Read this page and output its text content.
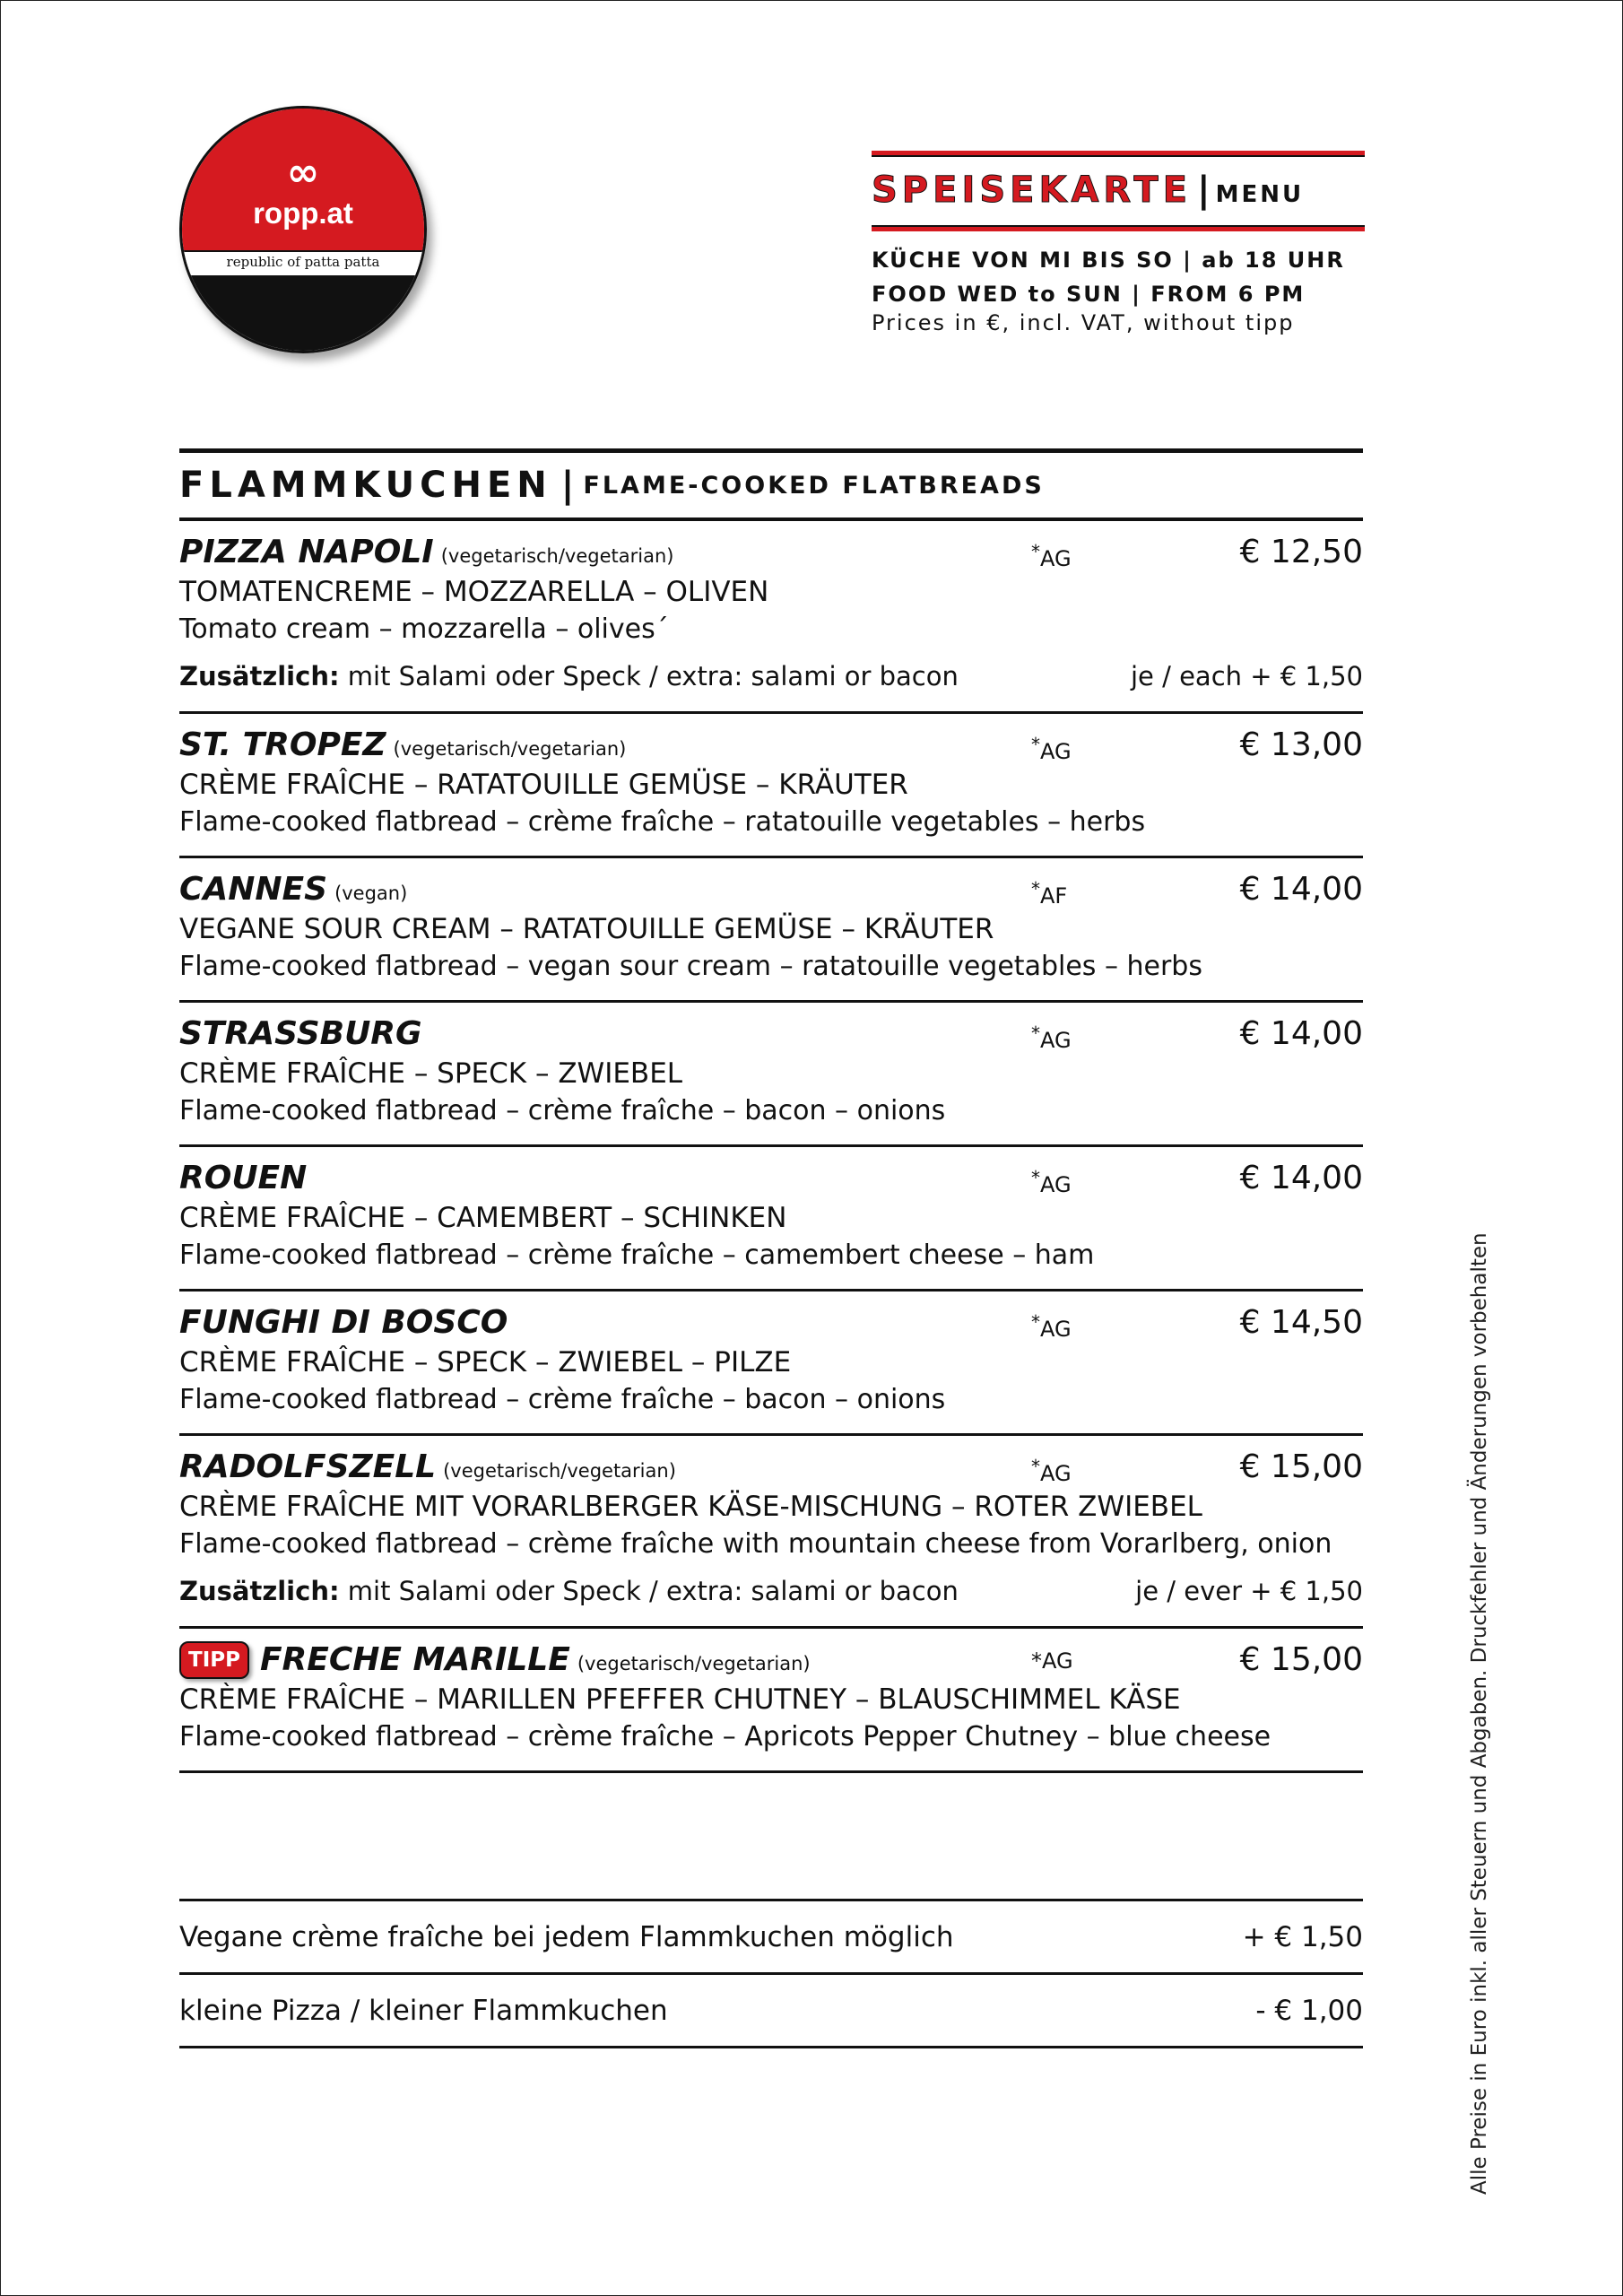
∞
ropp.at
republic of patta patta
SPEISEKARTE | MENU
KÜCHE VON MI BIS SO | ab 18 UHR
FOOD WED to SUN | FROM 6 PM
Prices in €, incl. VAT, without tipp
FLAMMKUCHEN | FLAME-COOKED FLATBREADS
PIZZA NAPOLI (vegetarisch/vegetarian)	*AG	€ 12,50
TOMATENCREME – MOZZARELLA – OLIVEN
Tomato cream – mozzarella – olives´
Zusätzlich: mit Salami oder Speck / extra: salami or bacon	je / each + € 1,50
ST. TROPEZ (vegetarisch/vegetarian)	*AG	€ 13,00
CRÈME FRAÎCHE – RATATOUILLE GEMÜSE – KRÄUTER
Flame-cooked flatbread – crème fraîche – ratatouille vegetables – herbs
CANNES (vegan)	*AF	€ 14,00
VEGANE SOUR CREAM – RATATOUILLE GEMÜSE – KRÄUTER
Flame-cooked flatbread – vegan sour cream – ratatouille vegetables – herbs
STRASSBURG	*AG	€ 14,00
CRÈME FRAÎCHE – SPECK – ZWIEBEL
Flame-cooked flatbread – crème fraîche – bacon – onions
ROUEN	*AG	€ 14,00
CRÈME FRAÎCHE – CAMEMBERT – SCHINKEN
Flame-cooked flatbread – crème fraîche – camembert cheese – ham
FUNGHI DI BOSCO	*AG	€ 14,50
CRÈME FRAÎCHE – SPECK – ZWIEBEL – PILZE
Flame-cooked flatbread – crème fraîche – bacon – onions
RADOLFSZELL (vegetarisch/vegetarian)	*AG	€ 15,00
CRÈME FRAÎCHE MIT VORARLBERGER KÄSE-MISCHUNG – ROTER ZWIEBEL
Flame-cooked flatbread – crème fraîche with mountain cheese from Vorarlberg, onion
Zusätzlich: mit Salami oder Speck / extra: salami or bacon	je / ever + € 1,50
TIPP FRECHE MARILLE (vegetarisch/vegetarian)	*AG	€ 15,00
CRÈME FRAÎCHE – MARILLEN PFEFFER CHUTNEY – BLAUSCHIMMEL KÄSE
Flame-cooked flatbread – crème fraîche – Apricots Pepper Chutney – blue cheese
Vegane crème fraîche bei jedem Flammkuchen möglich	+ € 1,50
kleine Pizza / kleiner Flammkuchen	- € 1,00	Alle Preise in Euro inkl. aller Steuern und Abgaben. Druckfehler und Änderungen vorbehalten
